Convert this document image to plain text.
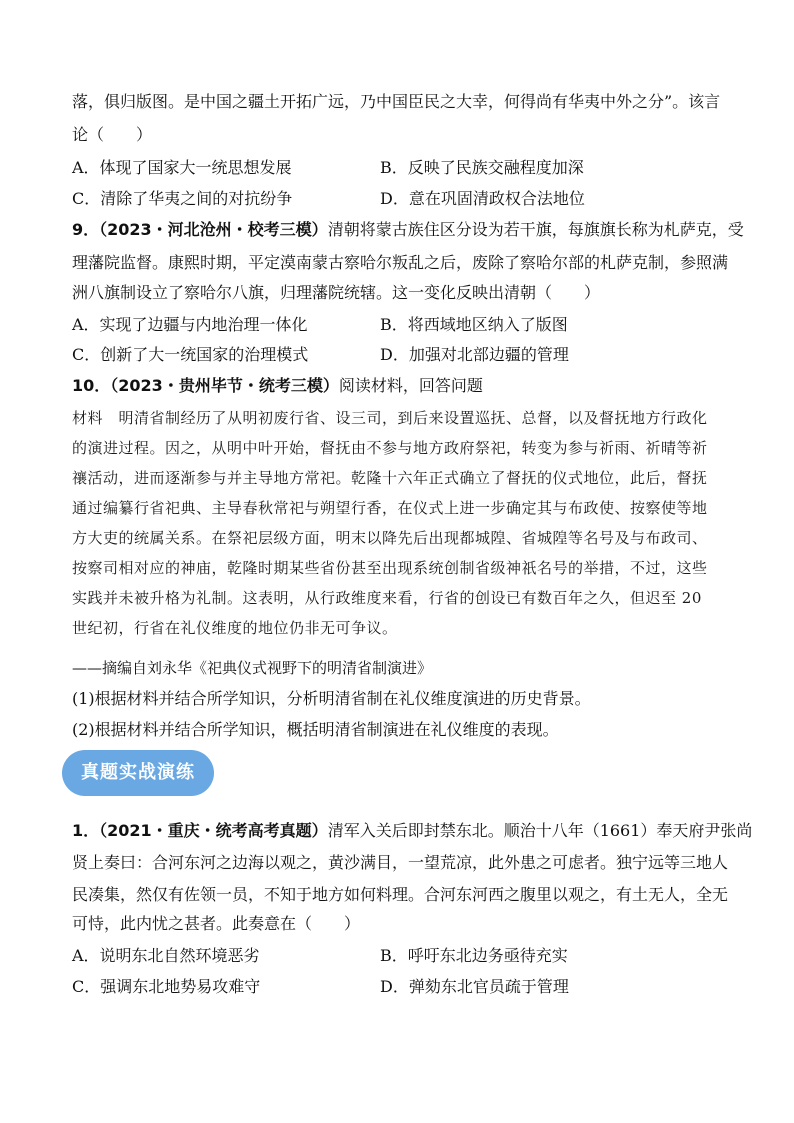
落，俱归版图。是中国之疆土开拓广远，乃中国臣民之大幸，何得尚有华夷中外之分”。该言
论（　　）
A．体现了国家大一统思想发展	B．反映了民族交融程度加深
C．清除了华夷之间的对抗纷争	D．意在巩固清政权合法地位
9．（2023・河北沧州・校考三模）清朝将蒙古族住区分设为若干旗，每旗旗长称为札萨克，受
理藩院监督。康熙时期，平定漠南蒙古察哈尔叛乱之后，废除了察哈尔部的札萨克制，参照满
洲八旗制设立了察哈尔八旗，归理藩院统辖。这一变化反映出清朝（　　）
A．实现了边疆与内地治理一体化	B．将西域地区纳入了版图
C．创新了大一统国家的治理模式	D．加强对北部边疆的管理
10．（2023・贵州毕节・统考三模）阅读材料，回答问题
材料　明清省制经历了从明初废行省、设三司，到后来设置巡抚、总督，以及督抚地方行政化
的演进过程。因之，从明中叶开始，督抚由不参与地方政府祭祀，转变为参与祈雨、祈晴等祈
禳活动，进而逐渐参与并主导地方常祀。乾隆十六年正式确立了督抚的仪式地位，此后，督抚
通过编纂行省祀典、主导春秋常祀与朔望行香，在仪式上进一步确定其与布政使、按察使等地
方大吏的统属关系。在祭祀层级方面，明末以降先后出现都城隍、省城隍等名号及与布政司、
按察司相对应的神庙，乾隆时期某些省份甚至出现系统创制省级神祇名号的举措，不过，这些
实践并未被升格为礼制。这表明，从行政维度来看，行省的创设已有数百年之久，但迟至 20
世纪初，行省在礼仪维度的地位仍非无可争议。
——摘编自刘永华《祀典仪式视野下的明清省制演进》
(1)根据材料并结合所学知识，分析明清省制在礼仪维度演进的历史背景。
(2)根据材料并结合所学知识，概括明清省制演进在礼仪维度的表现。
真题实战演练
1．（2021・重庆・统考高考真题）清军入关后即封禁东北。顺治十八年（1661）奉天府尹张尚
贤上奏曰：合河东河之边海以观之，黄沙满目，一望荒凉，此外患之可虑者。独宁远等三地人
民凑集，然仅有佐领一员，不知于地方如何料理。合河东河西之腹里以观之，有土无人，全无
可恃，此内忧之甚者。此奏意在（　　）
A．说明东北自然环境恶劣	B．呼吁东北边务亟待充实
C．强调东北地势易攻难守	D．弹劾东北官员疏于管理
